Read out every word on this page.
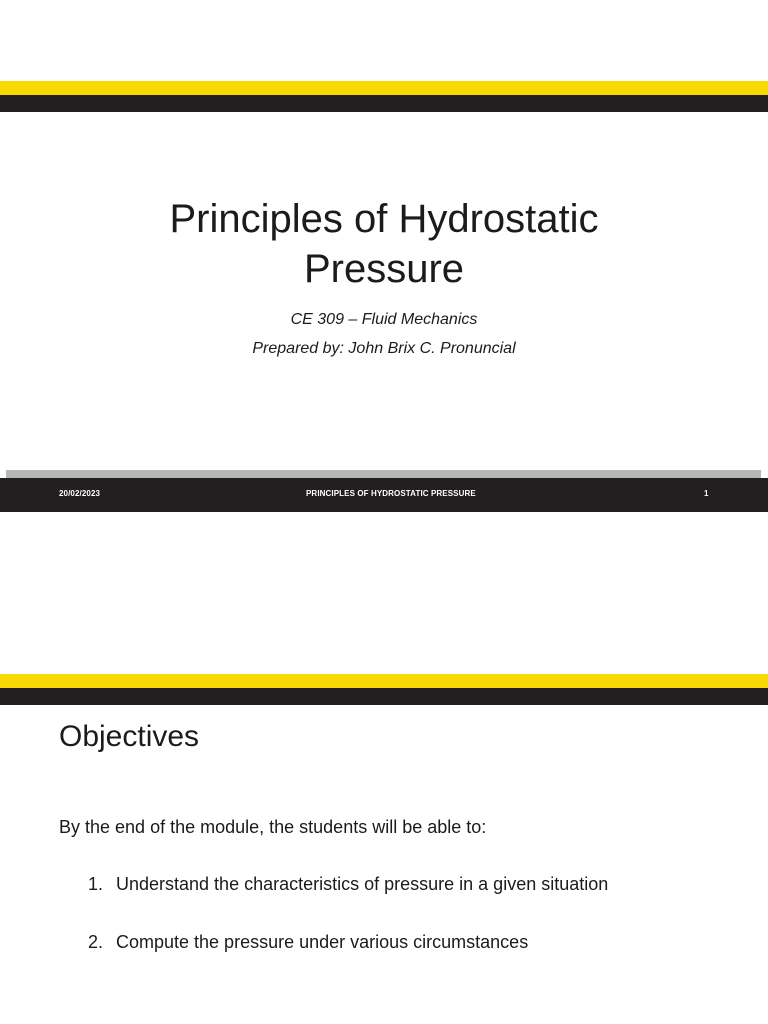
Principles of Hydrostatic Pressure
CE 309 – Fluid Mechanics
Prepared by: John Brix C. Pronuncial
20/02/2023	PRINCIPLES OF HYDROSTATIC PRESSURE	1
Objectives
By the end of the module, the students will be able to:
1. Understand the characteristics of pressure in a given situation
2. Compute the pressure under various circumstances
